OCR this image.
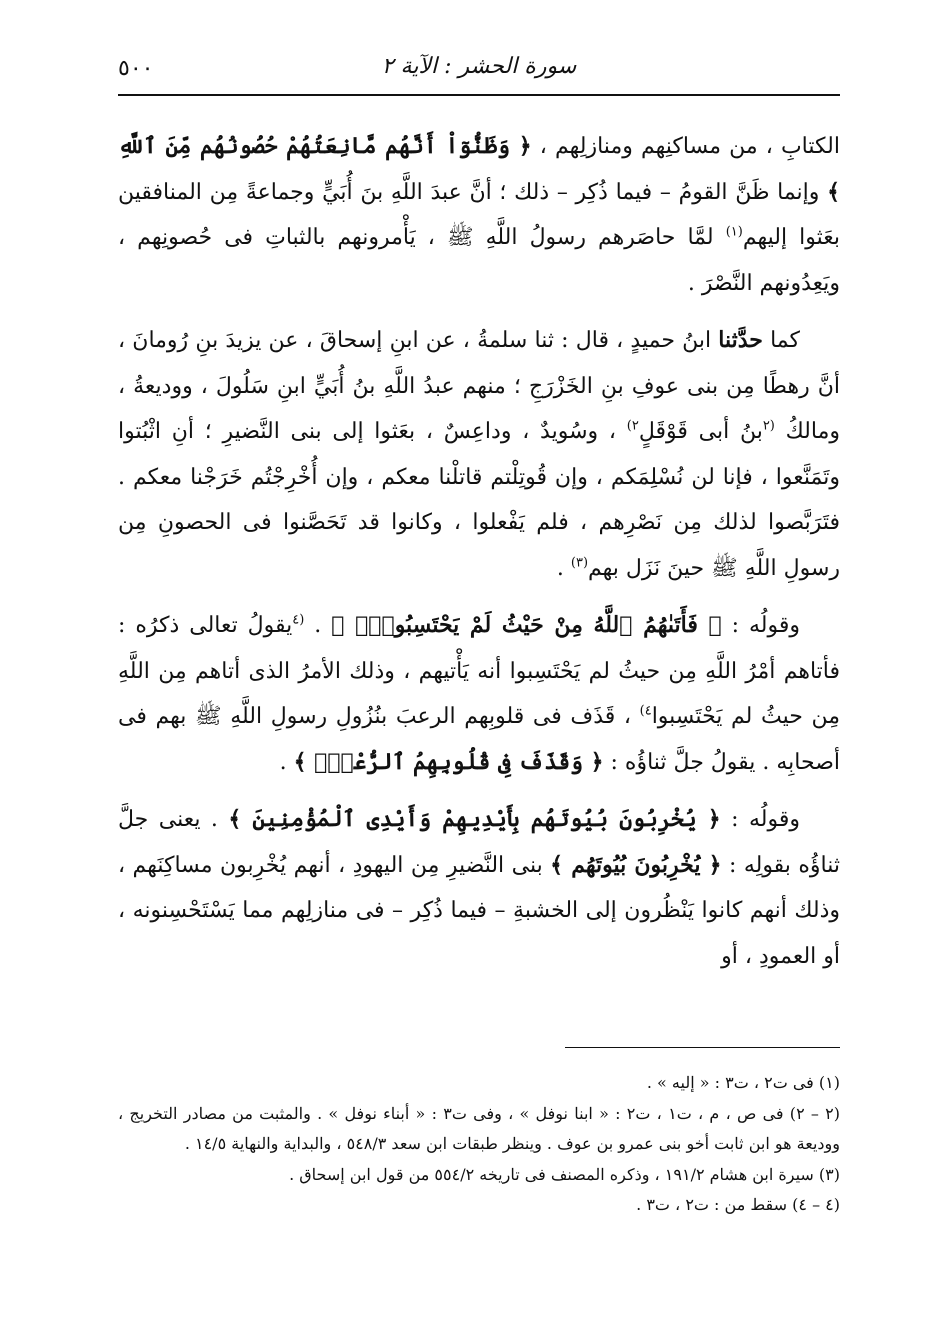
٥٠٠	سورة الحشر : الآية ٢

الكتابِ ، من مساكنِهم ومنازلِهم ، ﴿ وَظَنُّوٓاْ أَنَّهُم مَّانِعَتُهُمْ حُصُونُهُم مِّنَ ٱللَّهِ ﴾ وإنما ظَنَّ القومُ – فيما ذُكِر – ذلك ؛ أنَّ عبدَ اللَّهِ بنَ أُبَيٍّ وجماعةً مِن المنافقين بعَثوا إليهم$^{(١)}$ لمَّا حاصَرهم رسولُ اللَّهِ ﷺ ، يَأْمرونهم بالثباتِ فى حُصونِهم ، ويَعِدُونهم النَّصْرَ .

كما حدَّثنا ابنُ حميدٍ ، قال : ثنا سلمةُ ، عن ابنِ إسحاقَ ، عن يزيدَ بنِ رُومانَ ، أنَّ رهطًا مِن بنى عوفِ بنِ الخَزْرَجِ ؛ منهم عبدُ اللَّهِ بنُ أُبَيٍّ ابنِ سَلُولَ ، ووديعةُ ، ومالكُ $^{(٢}$بنُ أبى قَوْقَلٍ$^{٢)}$ ، وسُويدٌ ، وداعِسٌ ، بعَثوا إلى بنى النَّضيرِ ؛ أنِ اثْبُتوا وتَمَنَّعوا ، فإنا لن نُسْلِمَكم ، وإن قُوتِلْتم قاتلْنا معكم ، وإن أُخْرِجْتُم خَرَجْنا معكم . فتَرَبَّصوا لذلك مِن نَصْرِهم ، فلم يَفْعلوا ، وكانوا قد تَحَصَّنوا فى الحصونِ مِن رسولِ اللَّهِ ﷺ حينَ نَزَل بهم$^{(٣)}$ .

وقولُه : ﴿ فَأَتَىٰهُمُ ٱللَّهُ مِنْ حَيْثُ لَمْ يَحْتَسِبُواْۖ ﴾ . $^{(٤}$يقولُ تعالى ذكرُه : فأتاهم أمْرُ اللَّهِ مِن حيثُ لم يَحْتَسِبوا أنه يَأْتيهم ، وذلك الأمرُ الذى أتاهم مِن اللَّهِ مِن حيثُ لم يَحْتَسِبوا$^{٤)}$ ، قَذَف فى قلوبِهم الرعبَ بنُزُولِ رسولِ اللَّهِ ﷺ بهم فى أصحابِه . يقولُ جلَّ ثناؤُه : ﴿ وَقَذَفَ فِى قُلُوبِهِمُ ٱلرُّعْبَۚ ﴾ .

وقولُه : ﴿ يُخْرِبُونَ بُيُوتَهُم بِأَيْدِيهِمْ وَأَيْدِى ٱلْمُؤْمِنِينَ ﴾ . يعنى جلَّ ثناؤُه بقولِه : ﴿ يُخْرِبُونَ بُيُوتَهُم ﴾ بنى النَّضيرِ مِن اليهودِ ، أنهم يُخْرِبون مساكِنَهم ، وذلك أنهم كانوا يَنْظُرون إلى الخشبةِ – فيما ذُكِر – فى منازلِهم مما يَسْتَحْسِنونه ، أو العمودِ ، أو

(١) فى ت٢ ، ت٣ : « إليه » .

(٢ – ٢) فى ص ، م ، ت١ ، ت٢ : « ابنا نوفل » ، وفى ت٣ : « أبناء نوفل » . والمثبت من مصادر التخريج ، ووديعة هو ابن ثابت أخو بنى عمرو بن عوف . وينظر طبقات ابن سعد ٥٤٨/٣ ، والبداية والنهاية ١٤/٥ .

(٣) سيرة ابن هشام ١٩١/٢ ، وذكره المصنف فى تاريخه ٥٥٤/٢ من قول ابن إسحاق .

(٤ – ٤) سقط من : ت٢ ، ت٣ .
